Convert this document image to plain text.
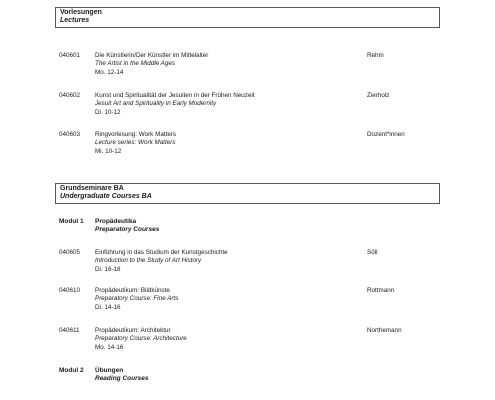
Vorlesungen
Lectures
040601 Die Künstlerin/Der Künstler im Mittelalter
The Artist in the Middle Ages
Mo. 12-14
Rehm
040602 Kunst und Spiritualität der Jesuiten in der Frühen Neuzeit
Jesuit Art and Spirituality in Early Modernity
Di. 10-12
Zierholz
040603 Ringvorlesung: Work Matters
Lecture series: Work Matters
Mi. 10-12
Dozent*innen
Grundseminare BA
Undergraduate Courses BA
Modul 1 Propädeutika
Preparatory Courses
040605 Einführung in das Studium der Kunstgeschichte
Introduction to the Study of Art History
Di. 16-18
Söll
040610 Propädeutikum: Bildkünste
Preparatory Course: Fine Arts
Di. 14-16
Rottmann
040611 Propädeutikum: Architektur
Preparatory Course: Architecture
Mo. 14-16
Northemann
Modul 2 Übungen
Reading Courses
